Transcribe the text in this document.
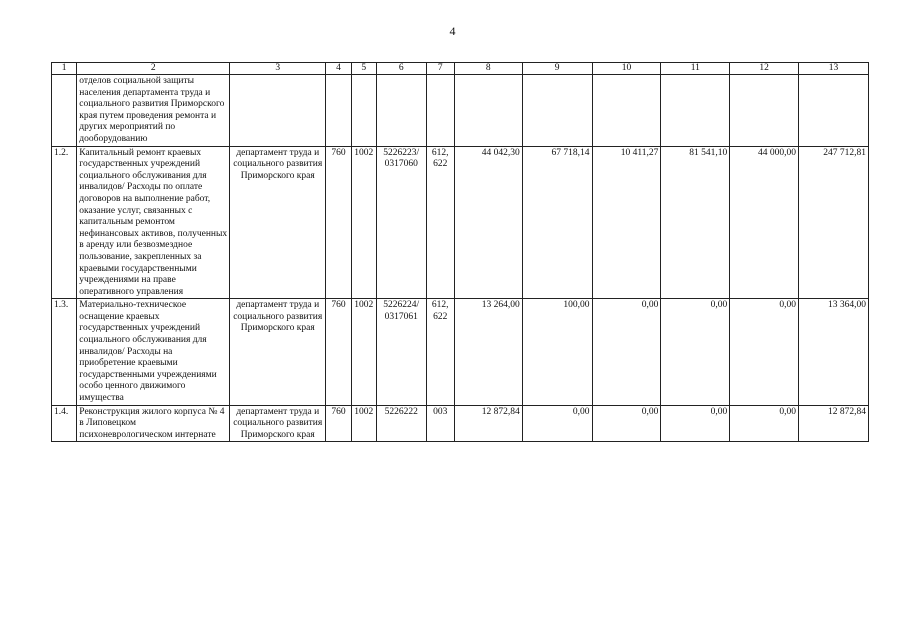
4
1	2	3	4	5	6	7	8	9	10	11	12	13
	отделов социальной защиты населения департамента труда и социального развития Приморского края путем проведения ремонта и других мероприятий по дооборудованию											
1.2.	Капитальный ремонт краевых государственных учреждений социального обслуживания для инвалидов/ Расходы по оплате договоров на выполнение работ, оказание услуг, связанных с капитальным ремонтом нефинансовых активов, полученных в аренду или безвозмездное пользование, закрепленных за краевыми государственными учреждениями на праве оперативного управления	департамент труда и социального развития Приморского края	760	1002	5226223/ 0317060	612, 622	44 042,30	67 718,14	10 411,27	81 541,10	44 000,00	247 712,81
1.3.	Материально-техническое оснащение краевых государственных учреждений социального обслуживания для инвалидов/ Расходы на приобретение краевыми государственными учреждениями особо ценного движимого имущества	департамент труда и социального развития Приморского края	760	1002	5226224/ 0317061	612, 622	13 264,00	100,00	0,00	0,00	0,00	13 364,00
1.4.	Реконструкция жилого корпуса № 4 в Липовецком психоневрологическом интернате	департамент труда и социального развития Приморского края	760	1002	5226222	003	12 872,84	0,00	0,00	0,00	0,00	12 872,84
